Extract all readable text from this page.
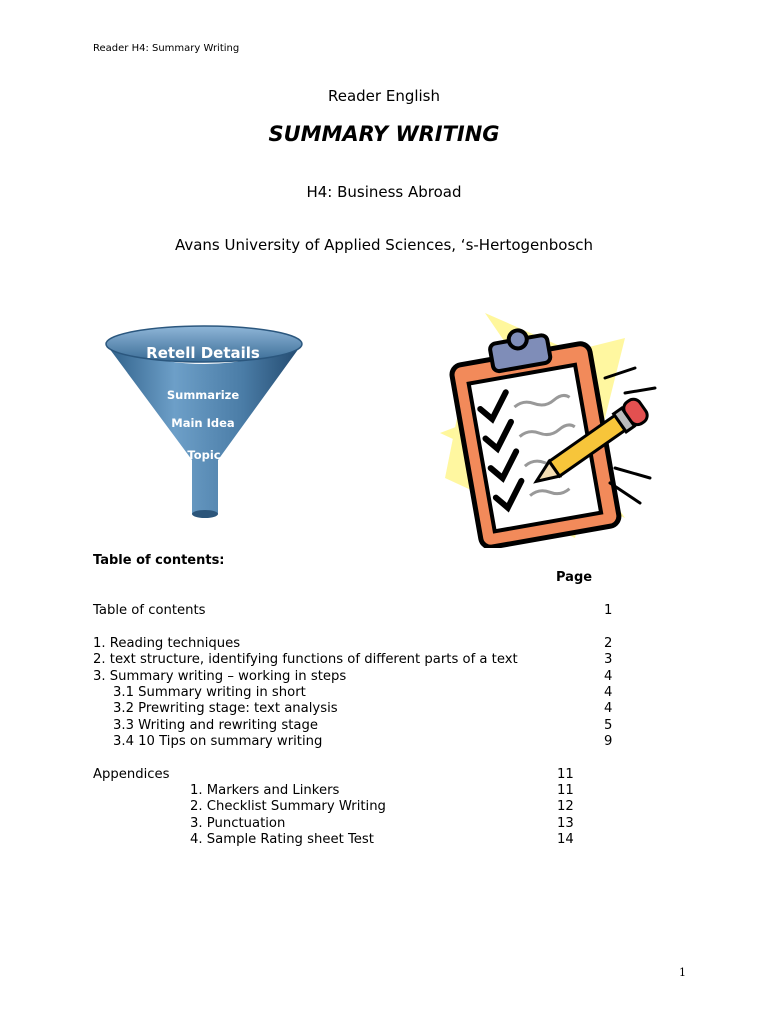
Reader H4: Summary Writing
Reader English
SUMMARY WRITING
H4: Business Abroad
Avans University of Applied Sciences, ‘s-Hertogenbosch
Retell Details
Summarize
Main Idea
Topic
Table of contents:
Page
Table of contents	1
1. Reading techniques	2
2. text structure, identifying functions of different parts of a text	3
3. Summary writing – working in steps	4
3.1 Summary writing in short	4
3.2 Prewriting stage: text analysis	4
3.3 Writing and rewriting stage	5
3.4 10 Tips on summary writing	9
Appendices	11
1. Markers and Linkers	11
2. Checklist Summary Writing	12
3. Punctuation	13
4. Sample Rating sheet Test	14
1
